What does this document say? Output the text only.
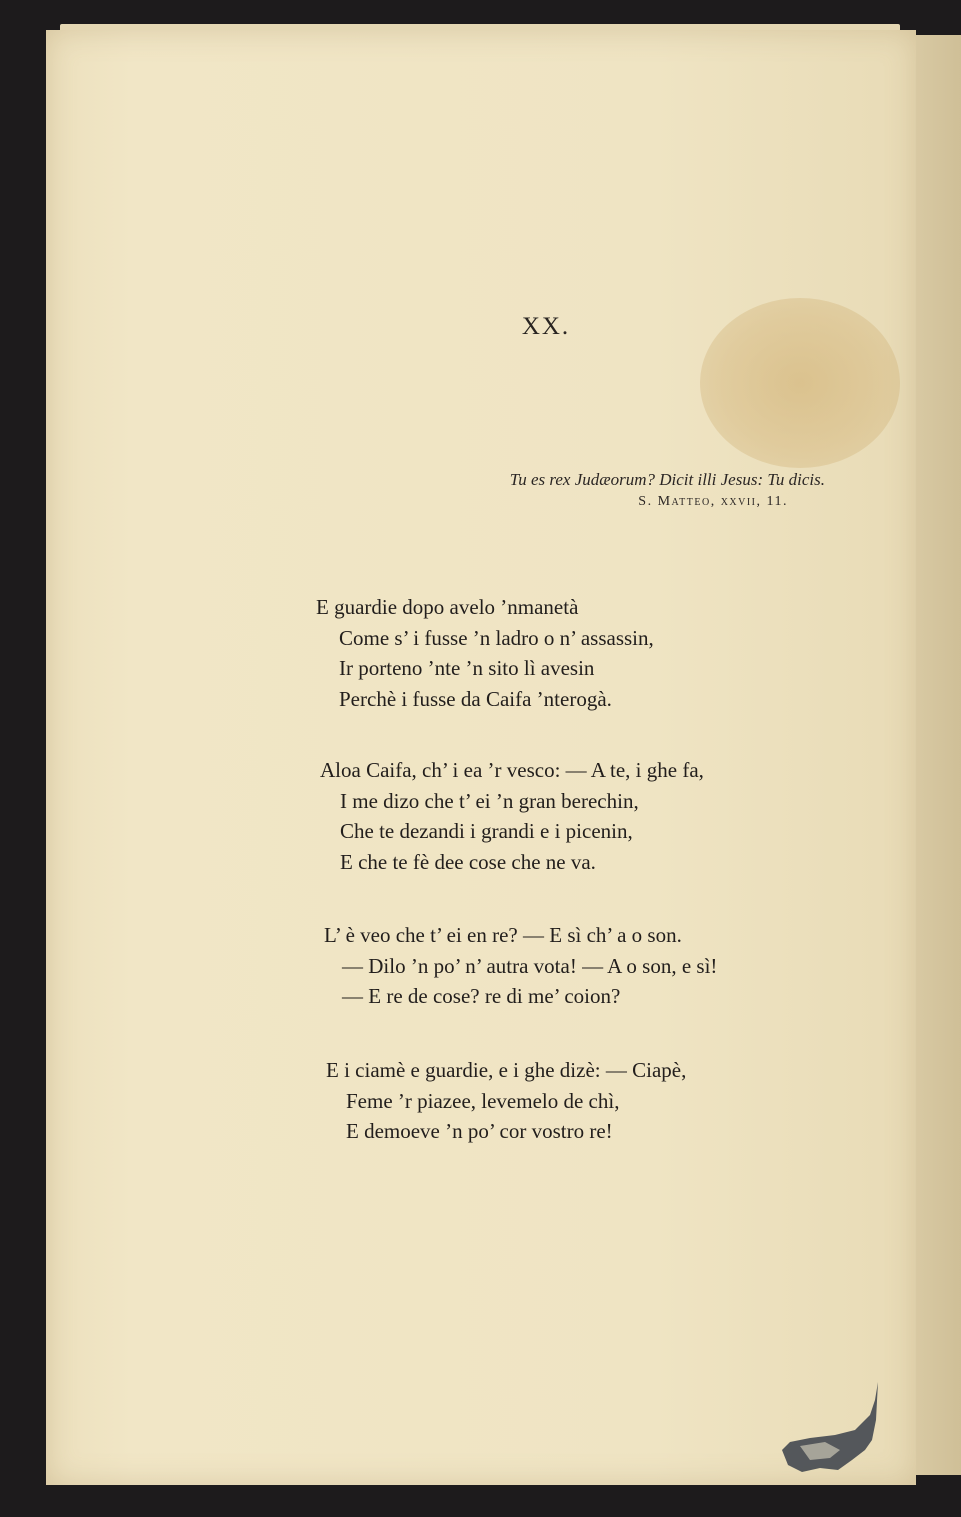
XX.
Tu es rex Judæorum? Dicit illi Jesus: Tu dicis.
S. Matteo, xxvii, 11.
E guardie dopo avelo ’nmanetà
Come s’ i fusse ’n ladro o n’ assassin,
Ir porteno ’nte ’n sito lì avesin
Perchè i fusse da Caifa ’nterogà.
Aloa Caifa, ch’ i ea ’r vesco: — A te, i ghe fa,
I me dizo che t’ ei ’n gran berechin,
Che te dezandi i grandi e i picenin,
E che te fè dee cose che ne va.
L’ è veo che t’ ei en re? — E sì ch’ a o son.
— Dilo ’n po’ n’ autra vota! — A o son, e sì!
— E re de cose? re di me’ coion?
E i ciamè e guardie, e i ghe dizè: — Ciapè,
Feme ’r piazee, levemelo de chì,
E demoeve ’n po’ cor vostro re!
